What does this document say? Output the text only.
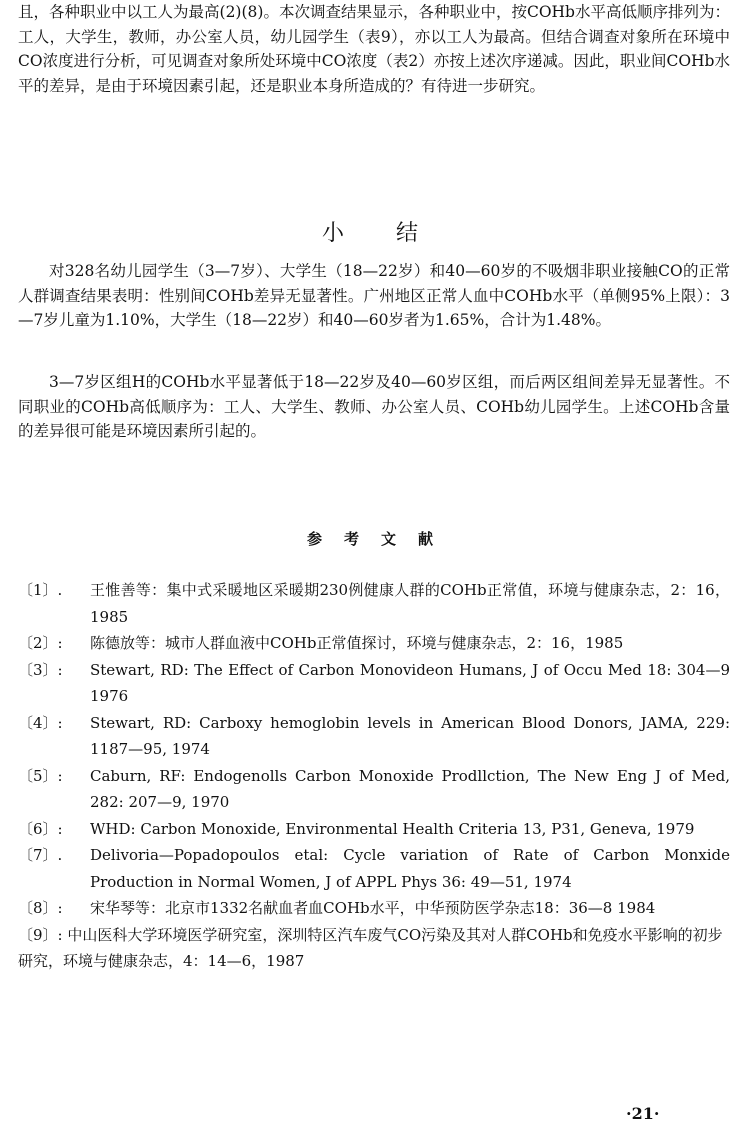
且，各种职业中以工人为最高(2)(8)。本次调查结果显示，各种职业中，按COHb水平高低顺序排列为：工人，大学生，教师，办公室人员，幼儿园学生（表9），亦以工人为最高。但结合调查对象所在环境中CO浓度进行分析，可见调查对象所处环境中CO浓度（表2）亦按上述次序递减。因此，职业间COHb水平的差异，是由于环境因素引起，还是职业本身所造成的？有待进一步研究。

小结

对328名幼儿园学生（3—7岁）、大学生（18—22岁）和40—60岁的不吸烟非职业接触CO的正常人群调查结果表明：性别间COHb差异无显著性。广州地区正常人血中COHb水平（单侧95%上限）：3—7岁儿童为1.10%，大学生（18—22岁）和40—60岁者为1.65%，合计为1.48%。

3—7岁区组H的COHb水平显著低于18—22岁及40—60岁区组，而后两区组间差异无显著性。不同职业的COHb高低顺序为：工人、大学生、教师、办公室人员、COHb幼儿园学生。上述COHb含量的差异很可能是环境因素所引起的。

参考文献
〔1〕.	王惟善等：集中式采暖地区采暖期230例健康人群的COHb正常值，环境与健康杂志，2：16，1985
〔2〕:	陈德放等：城市人群血液中COHb正常值探讨，环境与健康杂志，2：16，1985
〔3〕:	Stewart, RD: The Effect of Carbon Monovideon Humans, J of Occu Med 18: 304—9 1976
〔4〕:	Stewart, RD: Carboxy hemoglobin levels in American Blood Donors, JAMA, 229: 1187—95, 1974
〔5〕:	Caburn, RF: Endogenolls Carbon Monoxide Prodllction, The New Eng J of Med, 282: 207—9, 1970
〔6〕:	WHD: Carbon Monoxide, Environmental Health Criteria 13, P31, Geneva, 1979
〔7〕.	Delivoria—Popadopoulos etal: Cycle variation of Rate of Carbon Monxide Production in Normal Women, J of APPL Phys 36: 49—51, 1974
〔8〕:	宋华琴等：北京市1332名献血者血COHb水平，中华预防医学杂志18：36—8 1984
〔9〕: 中山医科大学环境医学研究室，深圳特区汽车废气CO污染及其对人群COHb和免疫水平影响的初步研究，环境与健康杂志，4：14—6，1987
·21·
